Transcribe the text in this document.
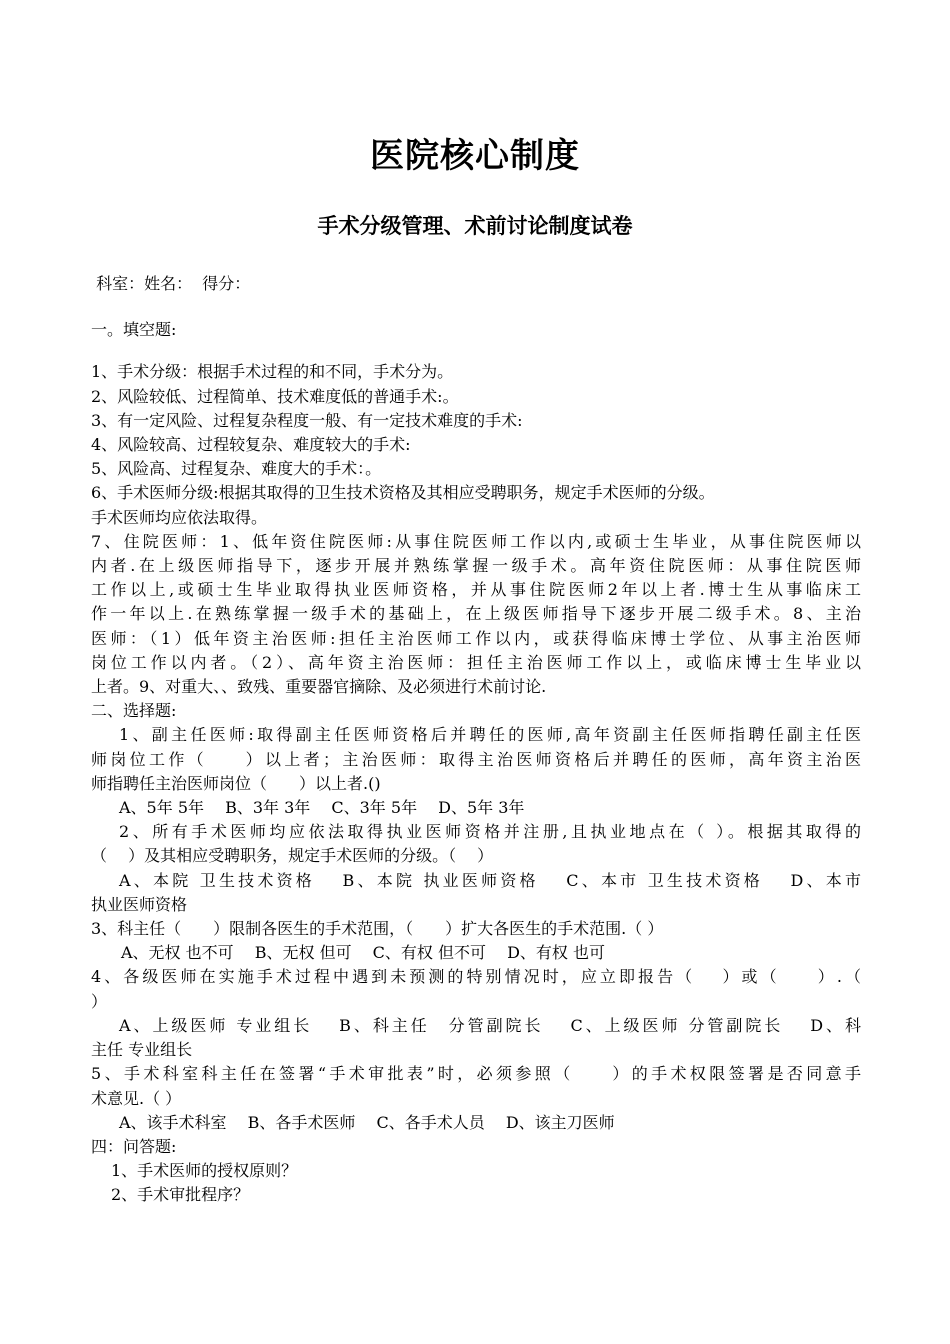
医院核心制度
手术分级管理、术前讨论制度试卷
科室：姓名：  得分：
一。填空题:
1、手术分级：根据手术过程的和不同，手术分为。
2、风险较低、过程简单、技术难度低的普通手术:。
3、有一定风险、过程复杂程度一般、有一定技术难度的手术:
4、风险较高、过程较复杂、难度较大的手术:
5、风险高、过程复杂、难度大的手术：。
6、手术医师分级:根据其取得的卫生技术资格及其相应受聘职务，规定手术医师的分级。
手术医师均应依法取得。
7、住院医师：1、低年资住院医师:从事住院医师工作以内,或硕士生毕业，从事住院医师以
内者.在上级医师指导下，逐步开展并熟练掌握一级手术。高年资住院医师：从事住院医师
工作以上,或硕士生毕业取得执业医师资格，并从事住院医师2年以上者.博士生从事临床工
作一年以上.在熟练掌握一级手术的基础上，在上级医师指导下逐步开展二级手术。8、主治
医师：（1）低年资主治医师:担任主治医师工作以内，或获得临床博士学位、从事主治医师
岗位工作以内者。（2）、高年资主治医师：担任主治医师工作以上，或临床博士生毕业以
上者。9、对重大、、致残、重要器官摘除、及必须进行术前讨论.
二、选择题:
1、副主任医师:取得副主任医师资格后并聘任的医师,高年资副主任医师指聘任副主任医
师岗位工作（　　）以上者；主治医师：取得主治医师资格后并聘任的医师，高年资主治医
师指聘任主治医师岗位（　　）以上者.()
A、5年 5年　 B、3年 3年　 C、3年 5年　 D、5年 3年
2、所有手术医师均应依法取得执业医师资格并注册,且执业地点在（ ）。根据其取得的
（　 ）及其相应受聘职务，规定手术医师的分级。（　 ）
A、本院 卫生技术资格　 B、本院 执业医师资格　 C、本市 卫生技术资格　 D、本市
执业医师资格
3、科主任（　　）限制各医生的手术范围，（　　）扩大各医生的手术范围.（ ）
A、无权 也不可　 B、无权 但可　 C、有权 但不可　 D、有权 也可
4、各级医师在实施手术过程中遇到未预测的特别情况时，应立即报告（　 ）或（　　）.（
）
A、上级医师 专业组长　 B、科主任　分管副院长　 C、上级医师 分管副院长　 D、科
主任 专业组长
5、手术科室科主任在签署“手术审批表”时，必须参照（　　）的手术权限签署是否同意手
术意见.（ ）
A、该手术科室　 B、各手术医师　 C、各手术人员　 D、该主刀医师
四：问答题:
1、手术医师的授权原则？
2、手术审批程序？
